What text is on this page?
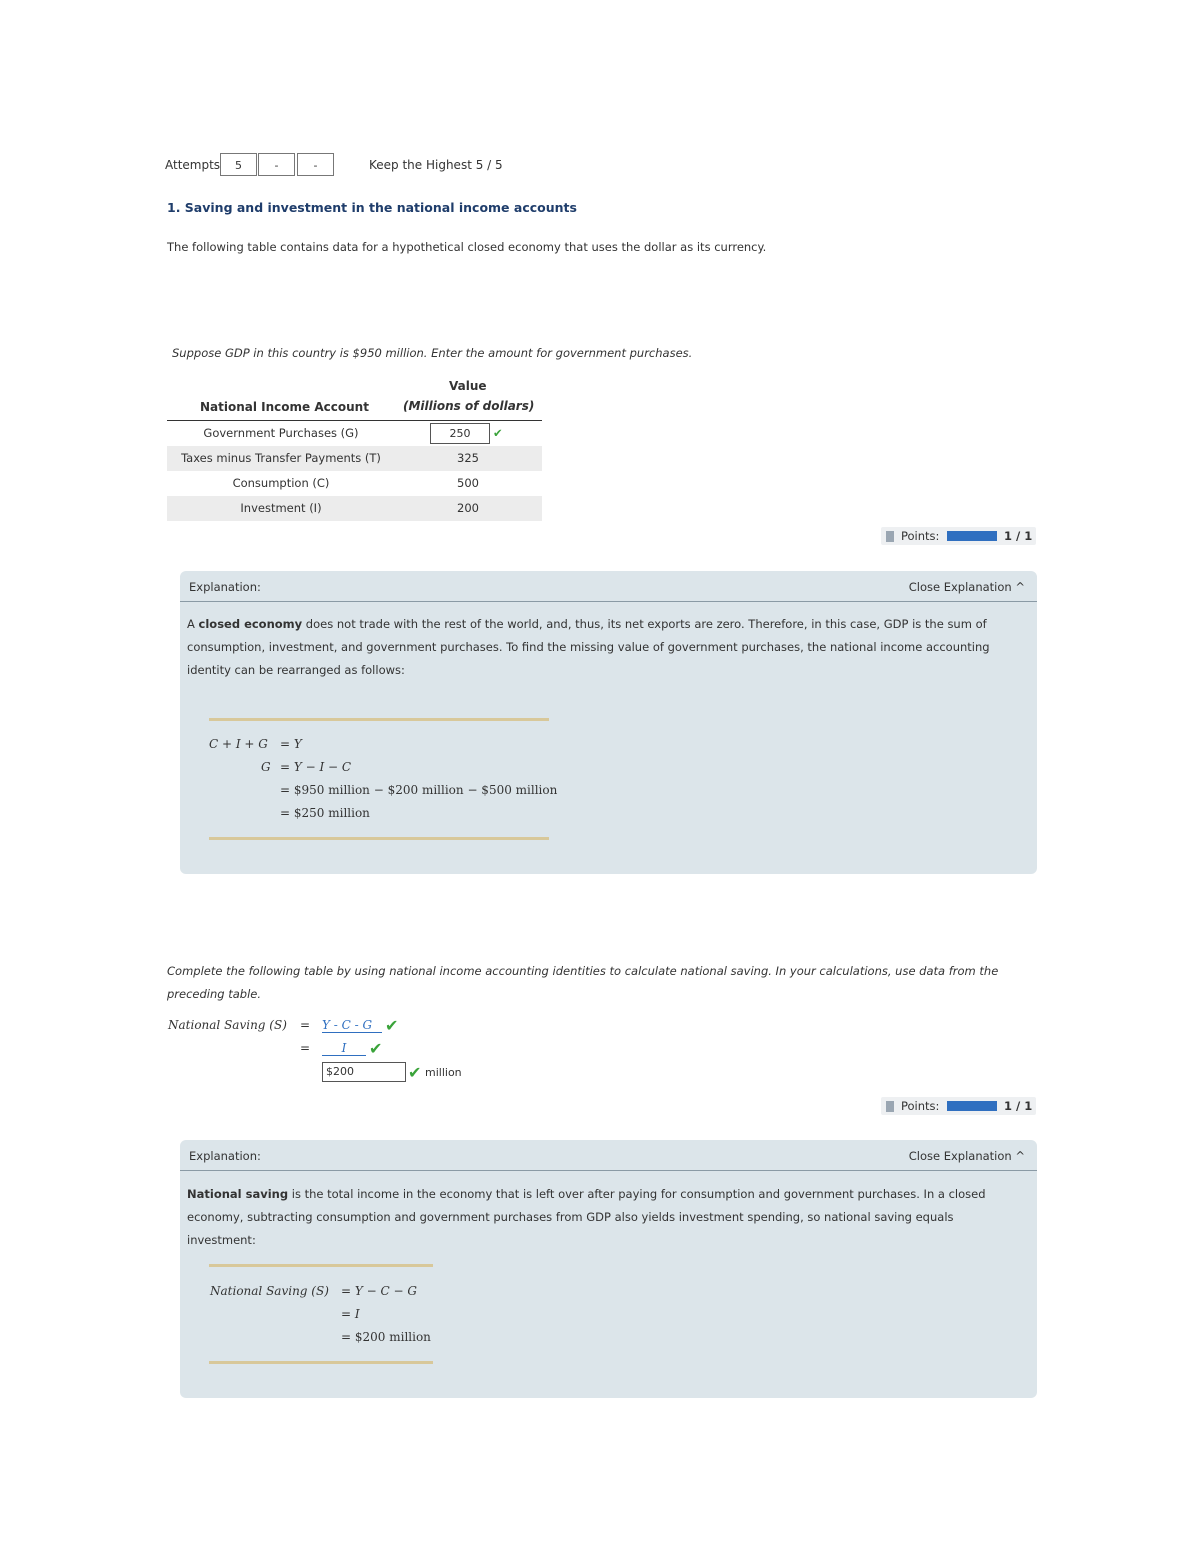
Attempts	5	-	-	Keep the Highest 5 / 5
1. Saving and investment in the national income accounts
The following table contains data for a hypothetical closed economy that uses the dollar as its currency.
Suppose GDP in this country is $950 million. Enter the amount for government purchases.
National Income Account
Value
(Millions of dollars)
Government Purchases (G)	250	✔
Taxes minus Transfer Payments (T)	325
Consumption (C)	500
Investment (I)	200
Points:	1 / 1
Explanation:	Close Explanation ^
A closed economy does not trade with the rest of the world, and, thus, its net exports are zero. Therefore, in this case, GDP is the sum of consumption, investment, and government purchases. To find the missing value of government purchases, the national income accounting identity can be rearranged as follows:
C + I + G = Y
G = Y − I − C
= $950 million − $200 million − $500 million
= $250 million
Complete the following table by using national income accounting identities to calculate national saving. In your calculations, use data from the preceding table.
National Saving (S) = Y - C - G ✔
=	I	✔
$200	✔ million
Points:	1 / 1
Explanation:	Close Explanation ^
National saving is the total income in the economy that is left over after paying for consumption and government purchases. In a closed economy, subtracting consumption and government purchases from GDP also yields investment spending, so national saving equals investment:
National Saving (S) = Y − C − G
= I
= $200 million
